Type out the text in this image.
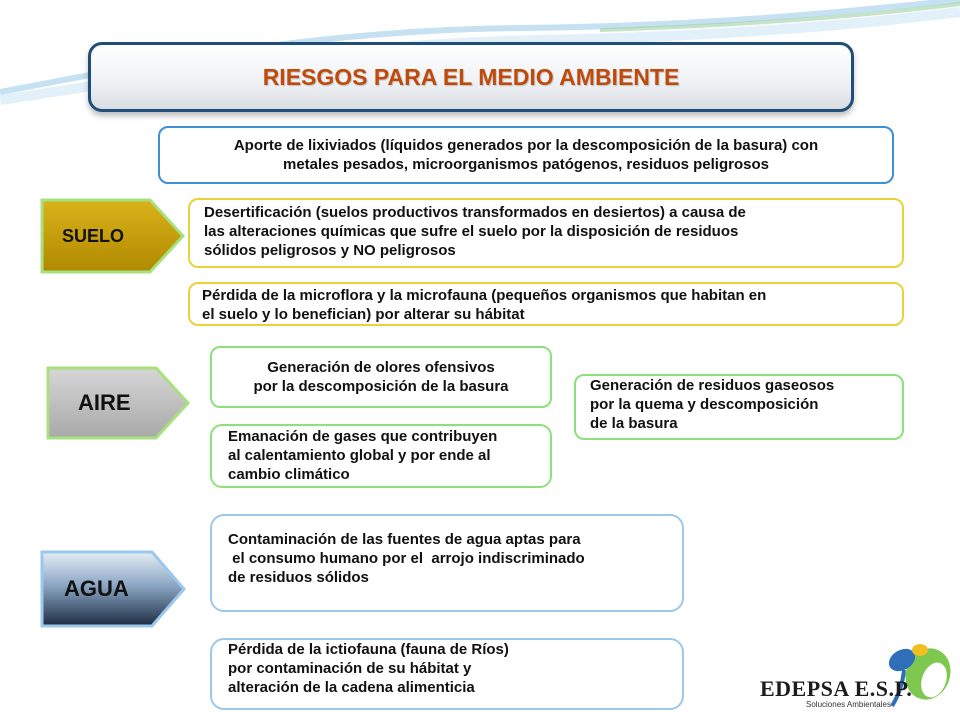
RIESGOS PARA EL MEDIO AMBIENTE
Aporte de lixiviados (líquidos generados por la descomposición de la basura) con
metales pesados, microorganismos patógenos, residuos peligrosos
SUELO
Desertificación (suelos productivos transformados en desiertos) a causa de
las alteraciones químicas que sufre el suelo por la disposición de residuos
sólidos peligrosos y NO peligrosos
Pérdida de la microflora y la microfauna (pequeños organismos que habitan en
el suelo y lo benefician) por alterar su hábitat
AIRE
Generación de olores ofensivos
por la descomposición de la basura
Emanación de gases que contribuyen
al calentamiento global y por ende al
cambio climático
Generación de residuos gaseosos
por la quema y descomposición
de la basura
AGUA
Contaminación de las fuentes de agua aptas para
el consumo humano por el  arrojo indiscriminado
de residuos sólidos
Pérdida de la ictiofauna (fauna de Ríos)
por contaminación de su hábitat y
alteración de la cadena alimenticia	EDEPSA E.S.P.
Soluciones Ambientales
